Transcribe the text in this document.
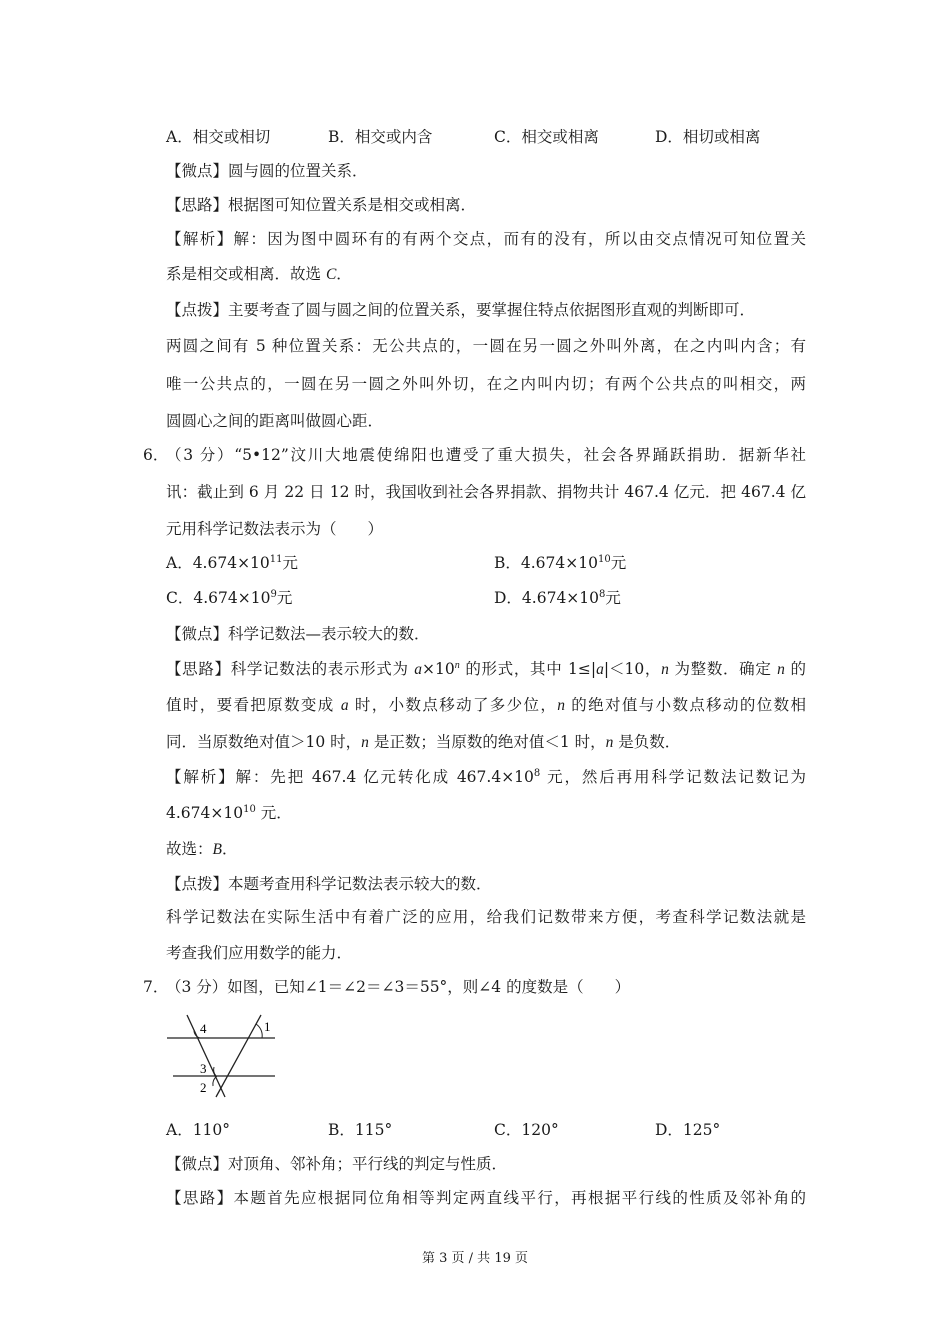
A．相交或相切	B．相交或内含	C．相交或相离	D．相切或相离
【微点】圆与圆的位置关系．
【思路】根据图可知位置关系是相交或相离．
【解析】解：因为图中圆环有的有两个交点，而有的没有，所以由交点情况可知位置关
系是相交或相离．故选 C．
【点拨】主要考查了圆与圆之间的位置关系，要掌握住特点依据图形直观的判断即可．
两圆之间有 5 种位置关系：无公共点的，一圆在另一圆之外叫外离，在之内叫内含；有
唯一公共点的，一圆在另一圆之外叫外切，在之内叫内切；有两个公共点的叫相交，两
圆圆心之间的距离叫做圆心距．
6．
（3 分）“5•12”汶川大地震使绵阳也遭受了重大损失，社会各界踊跃捐助．据新华社
讯：截止到 6 月 22 日 12 时，我国收到社会各界捐款、捐物共计 467.4 亿元．把 467.4 亿
元用科学记数法表示为（　　）
A．$4.674\times 10^{11}$元	B．$4.674\times 10^{10}$元
C．$4.674\times 10^9$元	D．$4.674\times 10^8$元
【微点】科学记数法—表示较大的数．
【思路】科学记数法的表示形式为 $a\times 10^n$ 的形式，其中 1≤|a|＜10，n 为整数．确定 n 的
值时，要看把原数变成 a 时，小数点移动了多少位，n 的绝对值与小数点移动的位数相
同．当原数绝对值＞10 时，n 是正数；当原数的绝对值＜1 时，n 是负数．
【解析】解：先把 467.4 亿元转化成 $467.4\times 10^8$ 元，然后再用科学记数法记数记为
$4.674\times 10^{10}$ 元．
故选：B．
【点拨】本题考查用科学记数法表示较大的数．
科学记数法在实际生活中有着广泛的应用，给我们记数带来方便，考查科学记数法就是
考查我们应用数学的能力．
7．
（3 分）如图，已知∠1＝∠2＝∠3＝55°，则∠4 的度数是（　　）
4	1
3
2
A．110°	B．115°	C．120°	D．125°
【微点】对顶角、邻补角；平行线的判定与性质．
【思路】本题首先应根据同位角相等判定两直线平行，再根据平行线的性质及邻补角的
第 3 页 / 共 19 页
